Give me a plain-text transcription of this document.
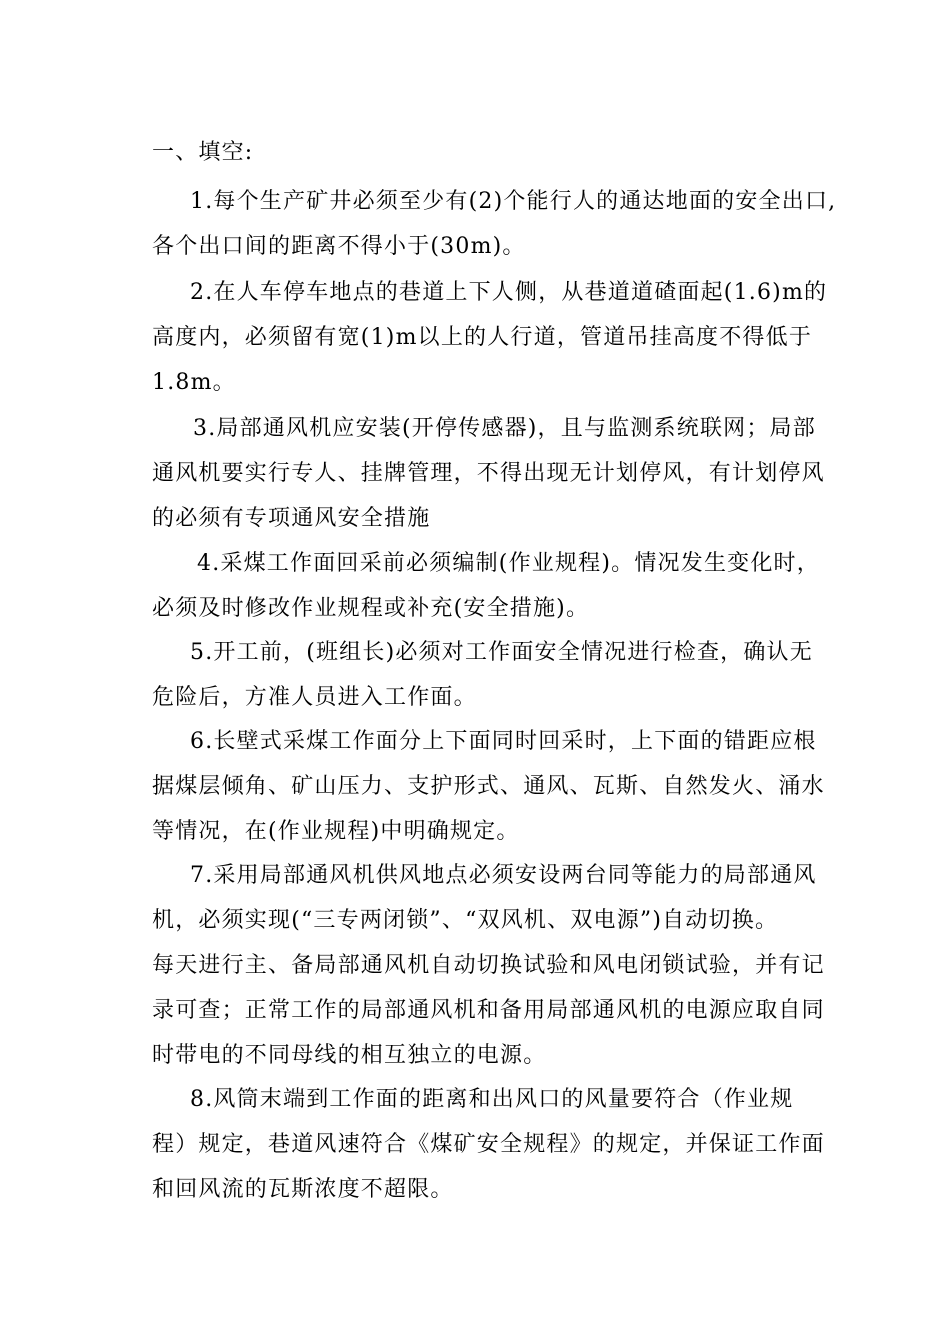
一、填空:
1.每个生产矿井必须至少有(2)个能行人的通达地面的安全出口,
各个出口间的距离不得小于(30m)。
2.在人车停车地点的巷道上下人侧，从巷道道碴面起(1.6)m的
高度内，必须留有宽(1)m以上的人行道，管道吊挂高度不得低于
1.8m。
3.局部通风机应安装(开停传感器)，且与监测系统联网；局部
通风机要实行专人、挂牌管理，不得出现无计划停风，有计划停风
的必须有专项通风安全措施
4.采煤工作面回采前必须编制(作业规程)。情况发生变化时，
必须及时修改作业规程或补充(安全措施)。
5.开工前，(班组长)必须对工作面安全情况进行检查，确认无
危险后，方准人员进入工作面。
6.长壁式采煤工作面分上下面同时回采时，上下面的错距应根
据煤层倾角、矿山压力、支护形式、通风、瓦斯、自然发火、涌水
等情况，在(作业规程)中明确规定。
7.采用局部通风机供风地点必须安设两台同等能力的局部通风
机，必须实现(“三专两闭锁”、“双风机、双电源”)自动切换。
每天进行主、备局部通风机自动切换试验和风电闭锁试验，并有记
录可查；正常工作的局部通风机和备用局部通风机的电源应取自同
时带电的不同母线的相互独立的电源。
8.风筒末端到工作面的距离和出风口的风量要符合（作业规
程）规定，巷道风速符合《煤矿安全规程》的规定，并保证工作面
和回风流的瓦斯浓度不超限。
